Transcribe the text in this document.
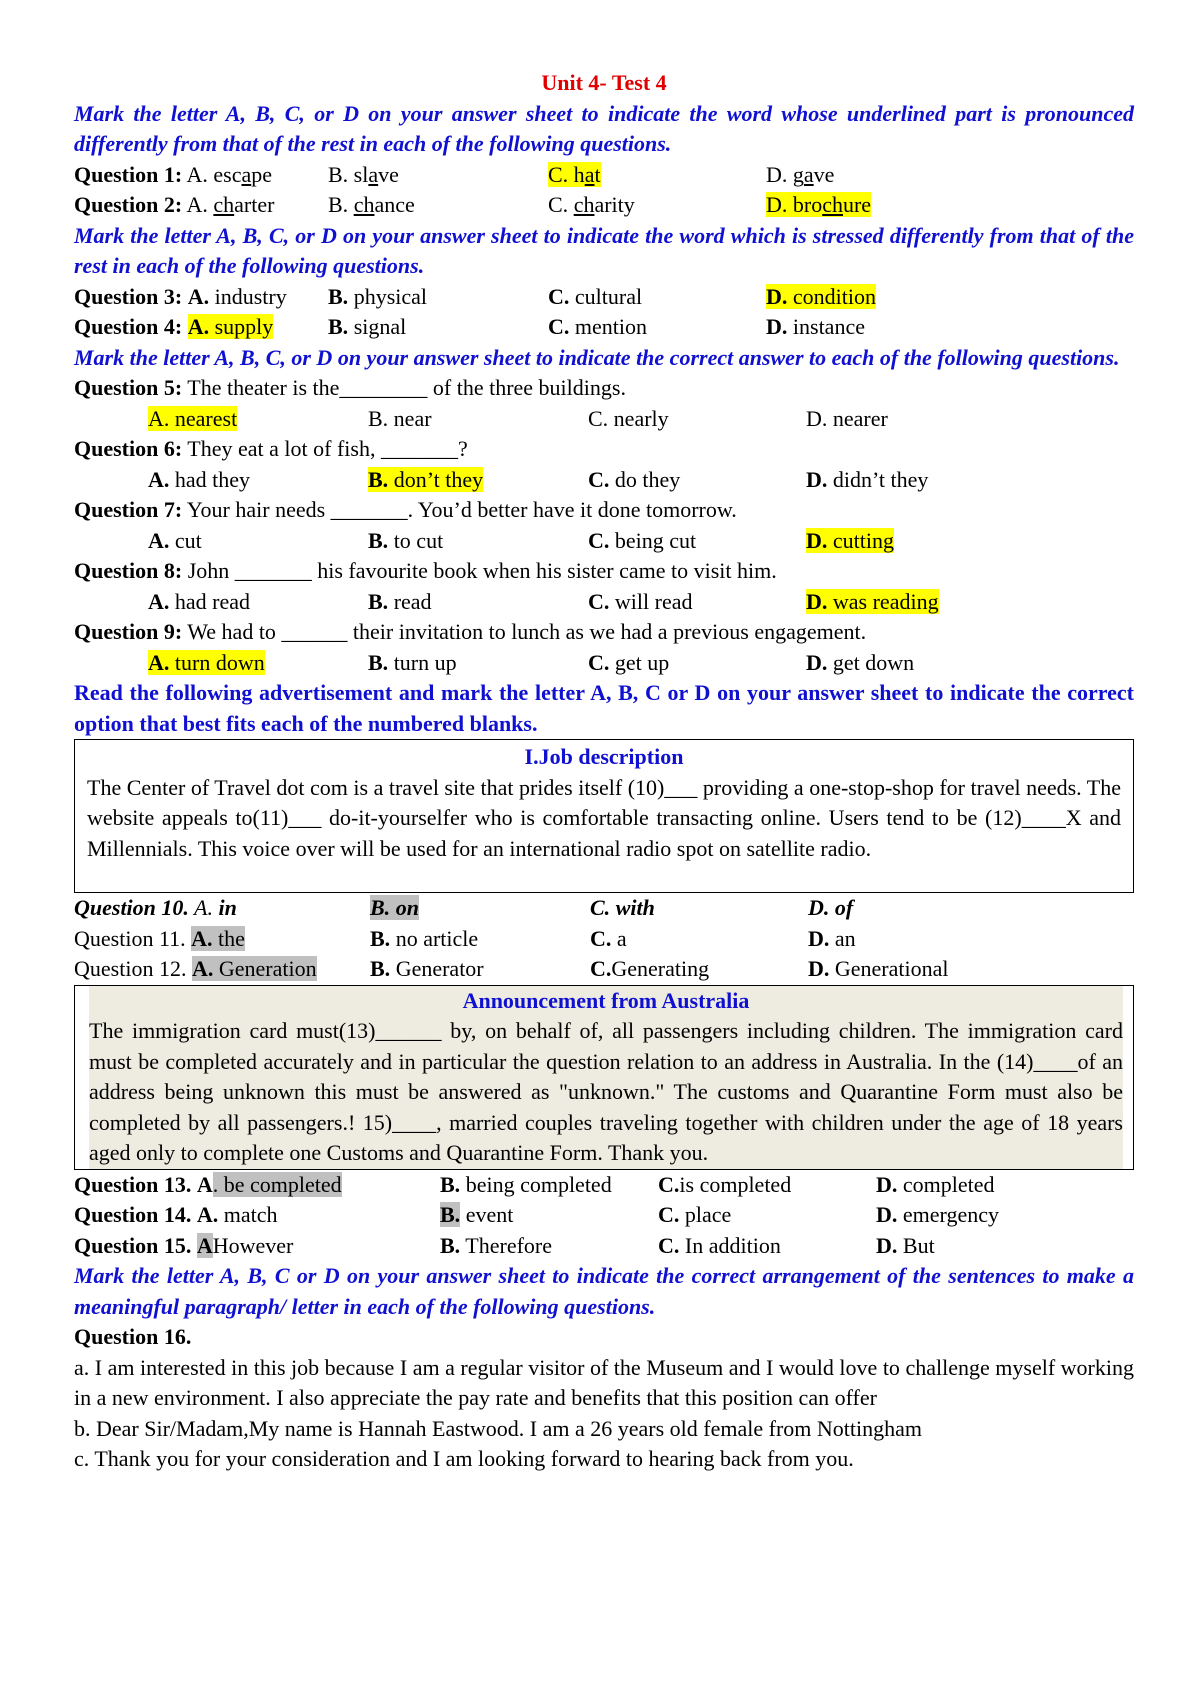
Unit 4- Test 4
Mark the letter A, B, C, or D on your answer sheet to indicate the word whose underlined part is pronounced differently from that of the rest in each of the following questions.
Question 1: A. escape	B. slave	C. hat	D. gave
Question 2: A. charter	B. chance	C. charity	D. brochure
Mark the letter A, B, C, or D on your answer sheet to indicate the word which is stressed differently from that of the rest in each of the following questions.
Question 3: A. industry	B. physical	C. cultural	D. condition
Question 4: A. supply	B. signal	C. mention	D. instance
Mark the letter A, B, C, or D on your answer sheet to indicate the correct answer to each of the following questions.
Question 5: The theater is the________ of the three buildings.
A. nearest	B. near	C. nearly	D. nearer
Question 6: They eat a lot of fish, _______?
A. had they	B. don’t they	C. do they	D. didn’t they
Question 7: Your hair needs _______. You’d better have it done tomorrow.
A. cut	B. to cut	C. being cut	D. cutting
Question 8: John _______ his favourite book when his sister came to visit him.
A. had read	B. read	C. will read	D. was reading
Question 9: We had to ______ their invitation to lunch as we had a previous engagement.
A. turn down	B. turn up	C. get up	D. get down
Read the following advertisement and mark the letter A, B, C or D on your answer sheet to indicate the correct option that best fits each of the numbered blanks.
I.Job description
The Center of Travel dot com is a travel site that prides itself (10)___ providing a one-stop-shop for travel needs. The website appeals to(11)___ do-it-yourselfer who is comfortable transacting online. Users tend to be (12)____X and Millennials. This voice over will be used for an international radio spot on satellite radio.
Question 10. A. in	B. on	C. with	D. of
Question 11. A. the	B. no article	C. a	D. an
Question 12. A. Generation	B. Generator	C.Generating	D. Generational
Announcement from Australia
The immigration card must(13)______ by, on behalf of, all passengers including children. The immigration card must be completed accurately and in particular the question relation to an address in Australia. In the (14)____of an address being unknown this must be answered as "unknown." The customs and Quarantine Form must also be completed by all passengers.! 15)____, married couples traveling together with children under the age of 18 years aged only to complete one Customs and Quarantine Form. Thank you.
Question 13. A. be completed	B. being completed	C.is completed	D. completed
Question 14. A. match	B. event	C. place	D. emergency
Question 15. AHowever	B. Therefore	C. In addition	D. But
Mark the letter A, B, C or D on your answer sheet to indicate the correct arrangement of the sentences to make a meaningful paragraph/ letter in each of the following questions.
Question 16.
a. I am interested in this job because I am a regular visitor of the Museum and I would love to challenge myself working in a new environment. I also appreciate the pay rate and benefits that this position can offer
b. Dear Sir/Madam,My name is Hannah Eastwood. I am a 26 years old female from Nottingham
c. Thank you for your consideration and I am looking forward to hearing back from you.
